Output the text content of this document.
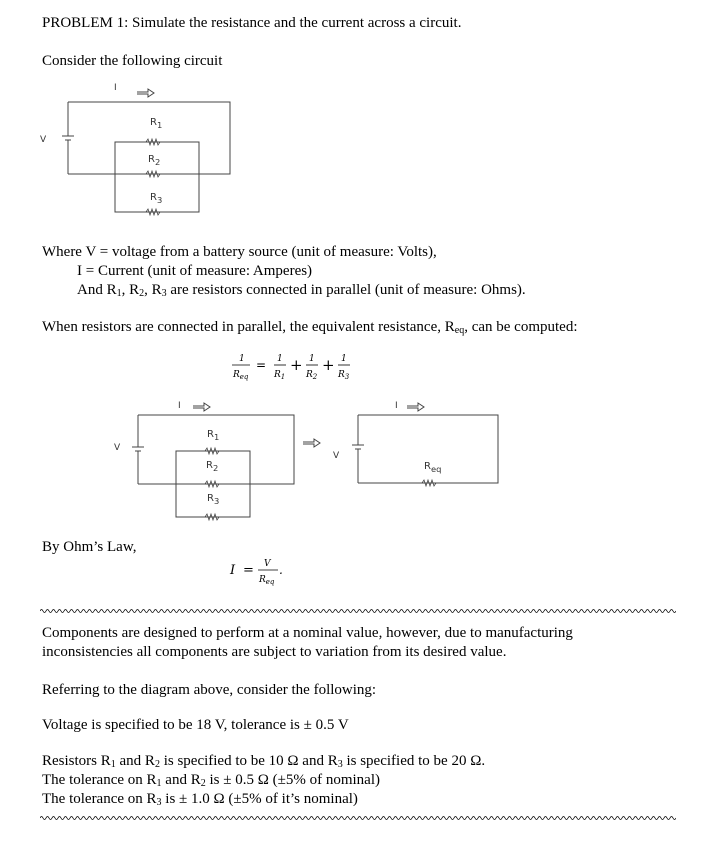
PROBLEM 1: Simulate the resistance and the current across a circuit.
Consider the following circuit
I
V
$R_1$
$R_2$
$R_3$
Where V = voltage from a battery source (unit of measure: Volts),
I = Current (unit of measure: Amperes)
And $R_1$, $R_2$, $R_3$ are resistors connected in parallel (unit of measure: Ohms).
When resistors are connected in parallel, the equivalent resistance, $R_{eq}$, can be computed:
1
$R_{eq}$
= 1
$R_1$
+ 1
$R_2$
+ 1
$R_3$
I
V
$R_1$
$R_2$
$R_3$
I
V
$R_{eq}$
By Ohm’s Law,
I = V
$R_{eq}$
.
Components are designed to perform at a nominal value, however, due to manufacturing
inconsistencies all components are subject to variation from its desired value.
Referring to the diagram above, consider the following:
Voltage is specified to be 18 V, tolerance is ± 0.5 V
Resistors $R_1$ and $R_2$ is specified to be 10 Ω and $R_3$ is specified to be 20 Ω.
The tolerance on $R_1$ and $R_2$ is ± 0.5 Ω (±5% of nominal)
The tolerance on $R_3$ is ± 1.0 Ω (±5% of it’s nominal)
